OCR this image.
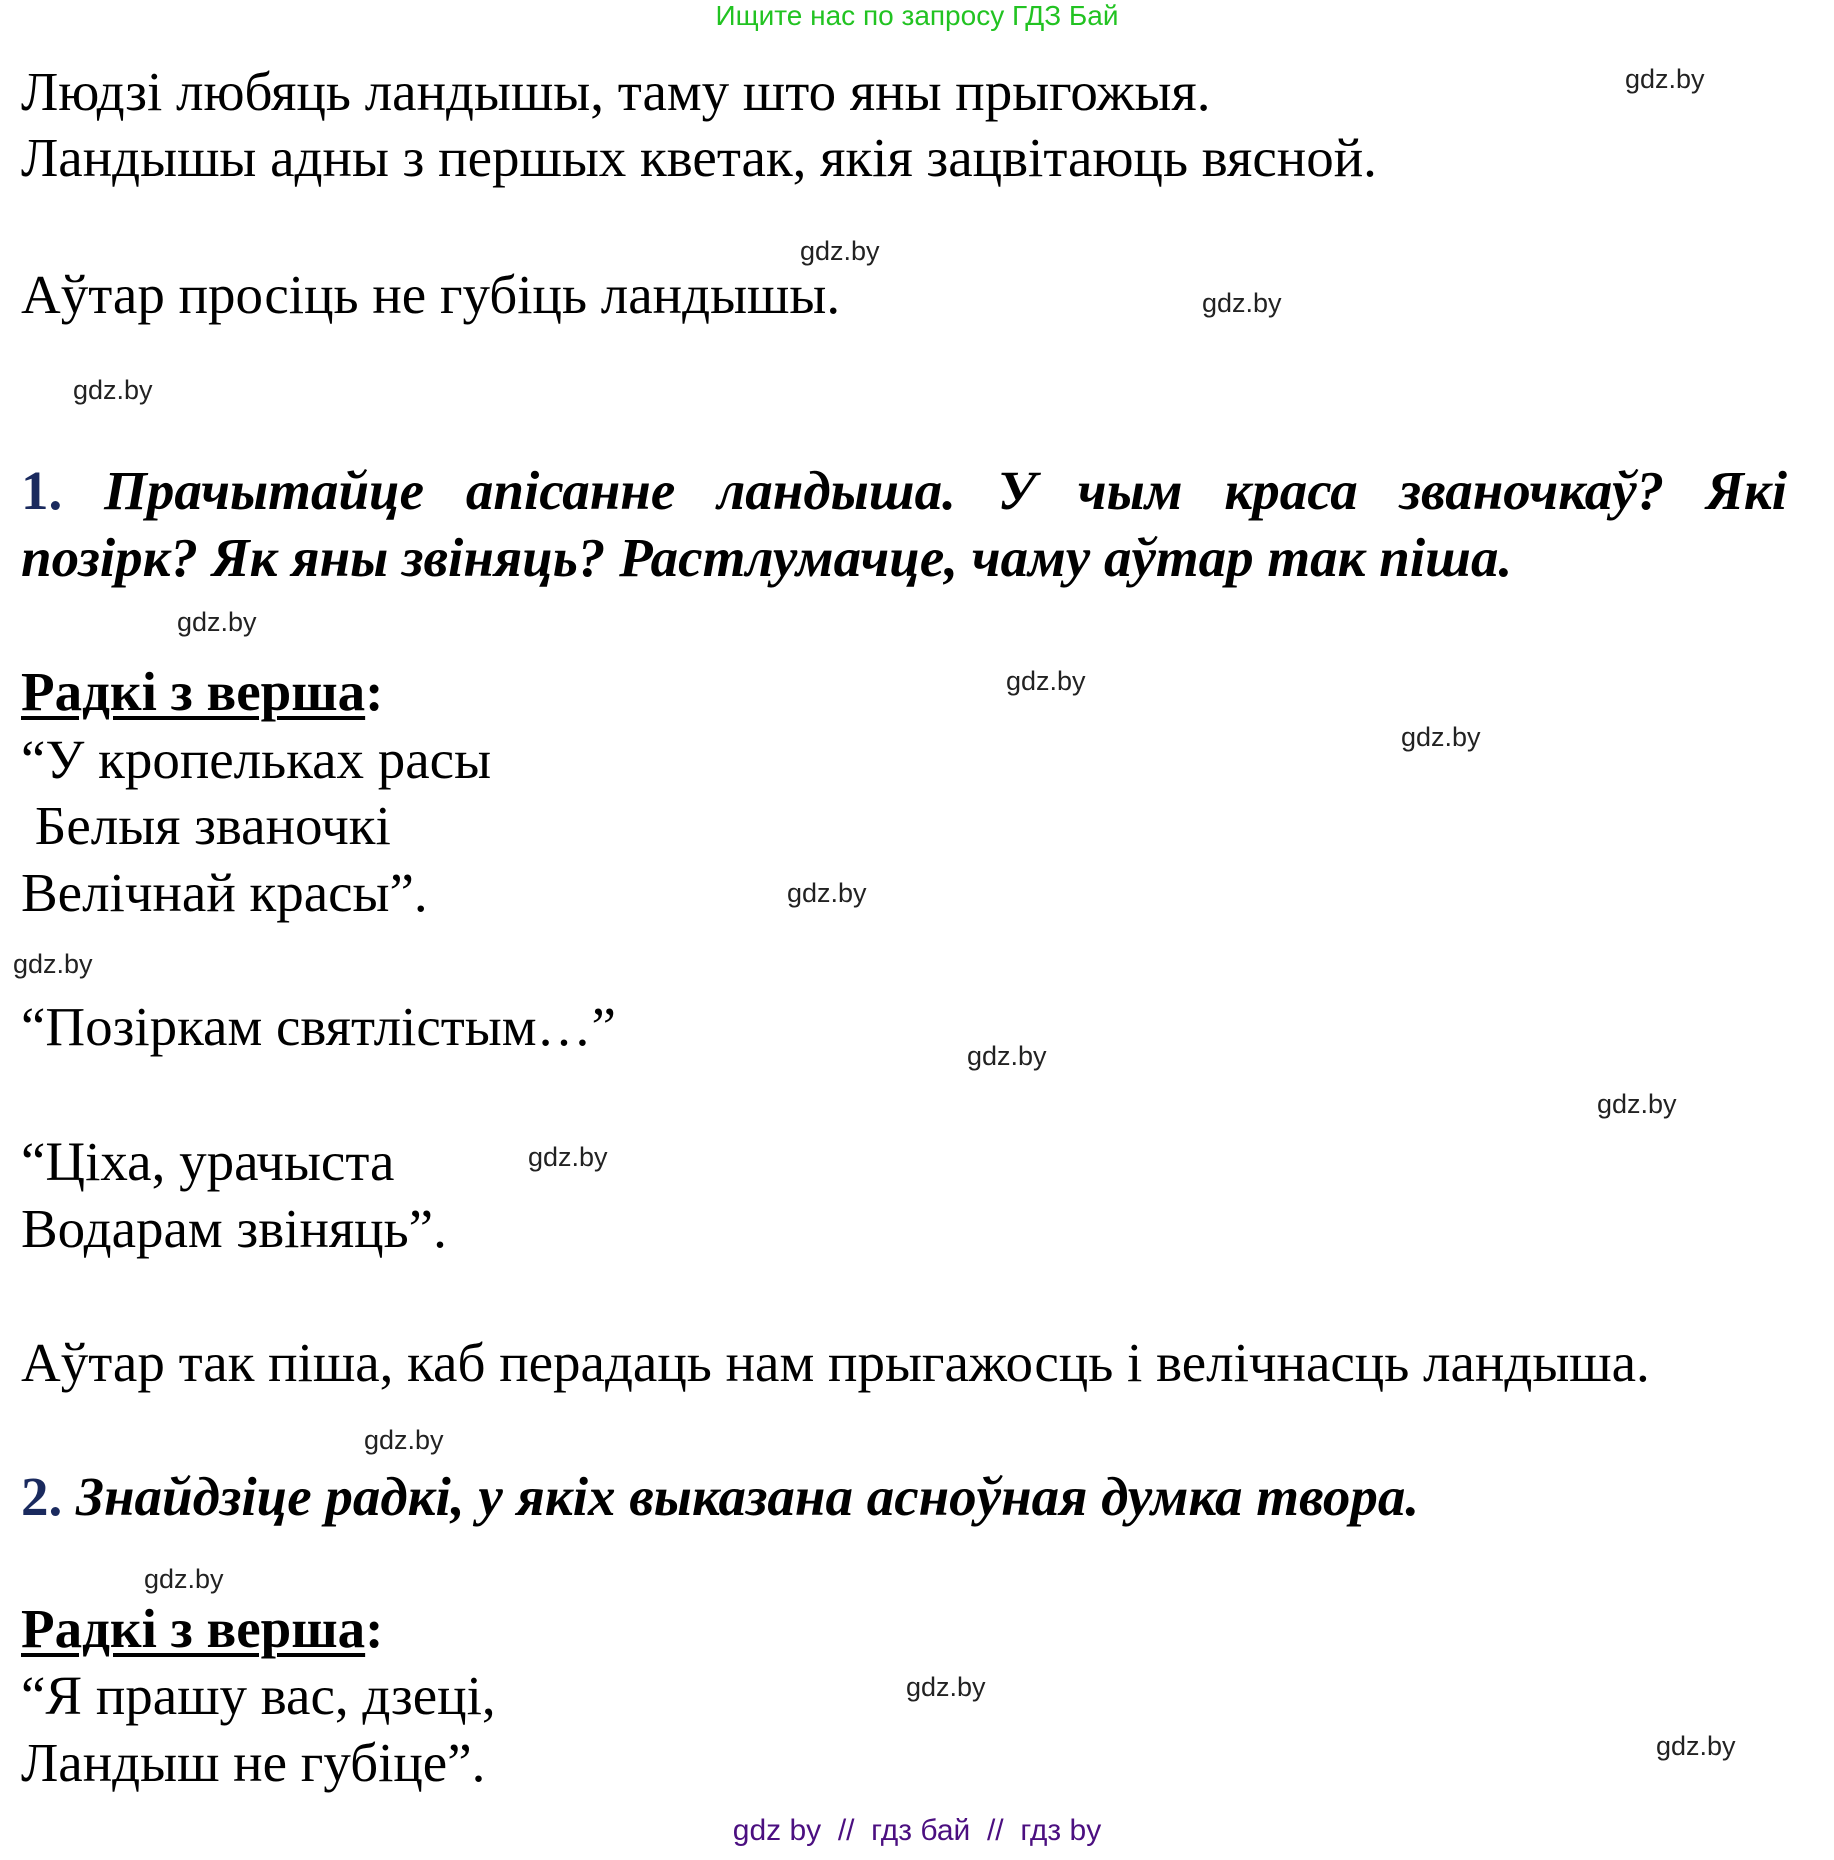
Ищите нас по запросу ГДЗ Бай
Людзі любяць ландышы, таму што яны прыгожыя.
Ландышы адны з першых кветак, якія зацвітаюць вясной.
Аўтар просіць не губіць ландышы.
1. Прачытайце апісанне ландыша. У чым краса званочкаў? Які
позірк? Як яны звіняць? Растлумачце, чаму аўтар так піша.
Радкі з верша:
“У кропельках расы
Белыя званочкі
Велічнай красы”.
“Позіркам святлістым…”
“Ціха, урачыста
Водарам звіняць”.
Аўтар так піша, каб перадаць нам прыгажосць і велічнасць ландыша.
2. Знайдзіце радкі, у якіх выказана асноўная думка твора.
Радкі з верша:
“Я прашу вас, дзеці,
Ландыш не губіце”.
gdz.by
gdz.by
gdz.by
gdz.by
gdz.by
gdz.by
gdz.by
gdz.by
gdz.by
gdz.by
gdz.by
gdz.by
gdz.by
gdz.by
gdz.by
gdz.by
gdz by  //  гдз бай  //  гдз by
